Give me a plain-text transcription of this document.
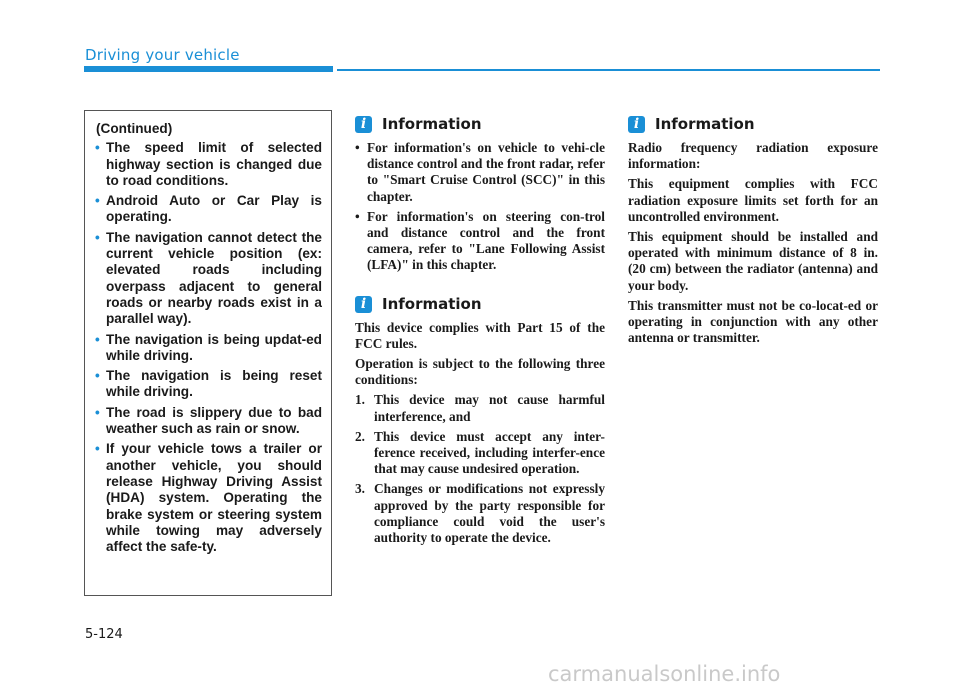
Driving your vehicle
(Continued)
• The speed limit of selected highway section is changed due to road conditions.
• Android Auto or Car Play is operating.
• The navigation cannot detect the current vehicle position (ex: elevated roads including overpass adjacent to general roads or nearby roads exist in a parallel way).
• The navigation is being updat-ed while driving.
• The navigation is being reset while driving.
• The road is slippery due to bad weather such as rain or snow.
• If your vehicle tows a trailer or another vehicle, you should release Highway Driving Assist (HDA) system. Operating the brake system or steering system while towing may adversely affect the safe-ty.
i	Information
• For information's on vehicle to vehi-cle distance control and the front radar, refer to "Smart Cruise Control (SCC)" in this chapter.
• For information's on steering con-trol and distance control and the front camera, refer to "Lane Following Assist (LFA)" in this chapter.
i	Information

This device complies with Part 15 of the FCC rules.

Operation is subject to the following three conditions:

1. This device may not cause harmful interference, and
2. This device must accept any inter-ference received, including interfer-ence that may cause undesired operation.
3. Changes or modifications not expressly approved by the party responsible for compliance could void the user's authority to operate the device.
i	Information

Radio frequency radiation exposure information:

This equipment complies with FCC radiation exposure limits set forth for an uncontrolled environment.

This equipment should be installed and operated with minimum distance of 8 in. (20 cm) between the radiator (antenna) and your body.

This transmitter must not be co-locat-ed or operating in conjunction with any other antenna or transmitter.

5-124
carmanualsonline.info
